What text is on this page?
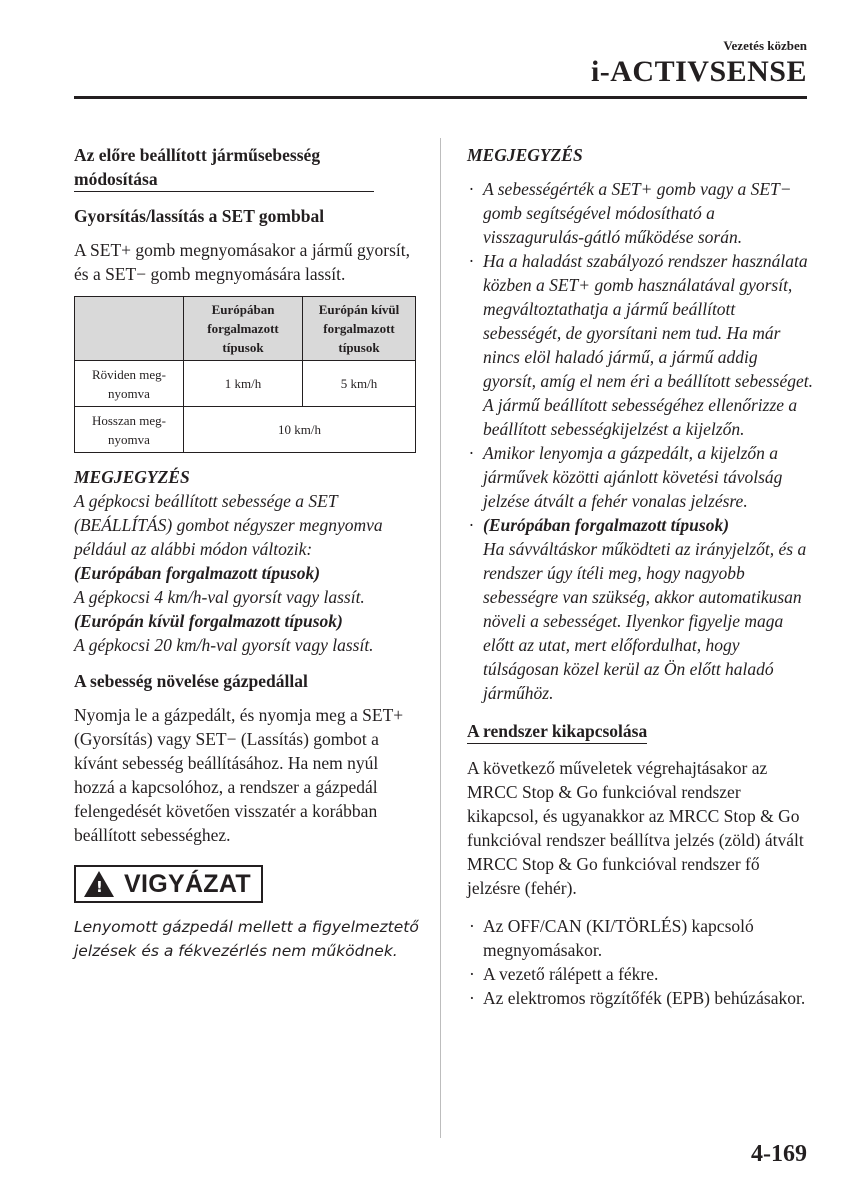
Vezetés közben
i-ACTIVSENSE
Az előre beállított járműsebesség módosítása
Gyorsítás/lassítás a SET gombbal

A SET+ gomb megnyomásakor a jármű gyorsít, és a SET− gomb megnyomására lassít.

	Európában forgalmazott típusok	Európán kívül forgalmazott típusok
Röviden meg-nyomva	1 km/h	5 km/h
Hosszan meg-nyomva	10 km/h	
MEGJEGYZÉS

A gépkocsi beállított sebessége a SET (BEÁLLÍTÁS) gombot négyszer megnyomva például az alábbi módon változik:

(Európában forgalmazott típusok)
A gépkocsi 4 km/h-val gyorsít vagy lassít.
(Európán kívül forgalmazott típusok)
A gépkocsi 20 km/h-val gyorsít vagy lassít.
A sebesség növelése gázpedállal

Nyomja le a gázpedált, és nyomja meg a SET+ (Gyorsítás) vagy SET− (Lassítás) gombot a kívánt sebesség beállításához. Ha nem nyúl hozzá a kapcsolóhoz, a rendszer a gázpedál felengedését követően visszatér a korábban beállított sebességhez.

! VIGYÁZAT

Lenyomott gázpedál mellett a figyelmeztető jelzések és a fékvezérlés nem működnek.

MEGJEGYZÉS
· A sebességérték a SET+ gomb vagy a SET− gomb segítségével módosítható a visszagurulás-gátló működése során.
· Ha a haladást szabályozó rendszer használata közben a SET+ gomb használatával gyorsít, megváltoztathatja a jármű beállított sebességét, de gyorsítani nem tud. Ha már nincs elöl haladó jármű, a jármű addig gyorsít, amíg el nem éri a beállított sebességet. A jármű beállított sebességéhez ellenőrizze a beállított sebességkijelzést a kijelzőn.
· Amikor lenyomja a gázpedált, a kijelzőn a járművek közötti ajánlott követési távolság jelzése átvált a fehér vonalas jelzésre.
· (Európában forgalmazott típusok)
Ha sávváltáskor működteti az irányjelzőt, és a rendszer úgy ítéli meg, hogy nagyobb sebességre van szükség, akkor automatikusan növeli a sebességet. Ilyenkor figyelje maga előtt az utat, mert előfordulhat, hogy túlságosan közel kerül az Ön előtt haladó járműhöz.
A rendszer kikapcsolása

A következő műveletek végrehajtásakor az MRCC Stop & Go funkcióval rendszer kikapcsol, és ugyanakkor az MRCC Stop & Go funkcióval rendszer beállítva jelzés (zöld) átvált MRCC Stop & Go funkcióval rendszer fő jelzésre (fehér).

· Az OFF/CAN (KI/TÖRLÉS) kapcsoló megnyomásakor.
· A vezető rálépett a fékre.
· Az elektromos rögzítőfék (EPB) behúzásakor.
4-169
